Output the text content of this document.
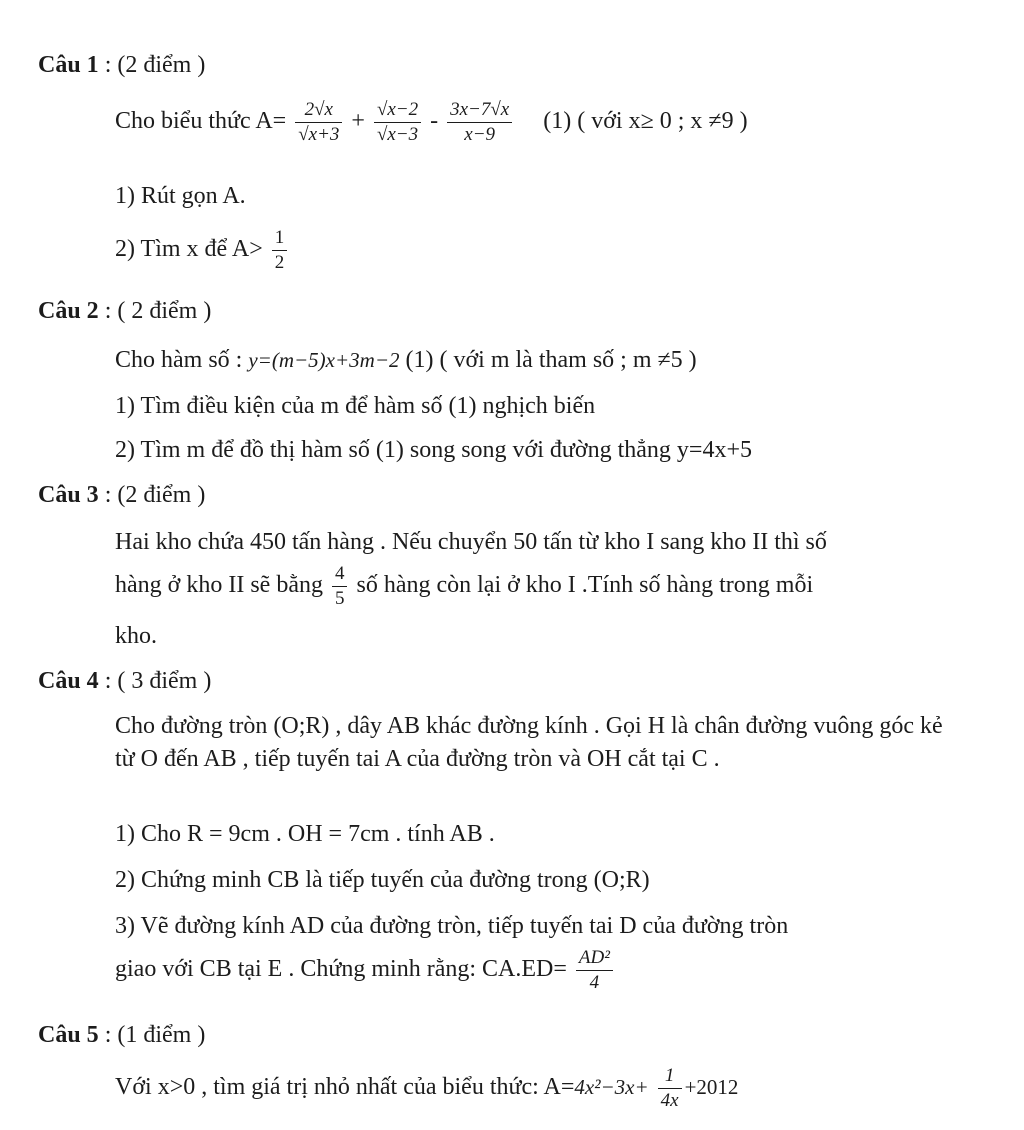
Câu 1 : (2 điểm )
Cho biểu thức $A= \frac{2√x}{√x+3} + \frac{√x-2}{√x-3} - \frac{3x-7√x}{x-9} (1)$ ( với x≥ 0 ; x ≠9 )
1) Rút gọn A.
2) Tìm x để $A> \frac{1}{2}$
Câu 2 : ( 2 điểm )
Cho hàm số : y=(m−5)x+3m−2 (1) ( với m là tham số ; m ≠5 )
1) Tìm điều kiện của m để hàm số (1) nghịch biến
2) Tìm m để đồ thị hàm số (1) song song với đường thẳng y=4x+5
Câu 3 : (2 điểm )
Hai kho chứa 450 tấn hàng . Nếu chuyển 50 tấn từ kho I sang kho II thì số
hàng ở kho II sẽ bằng $\frac{4}{5}$ số hàng còn lại ở kho I .Tính số hàng trong mỗi
kho.
Câu 4 : ( 3 điểm )
Cho đường tròn (O;R) , dây AB khác đường kính . Gọi H là chân đường vuông góc kẻ từ O đến AB , tiếp tuyến tai A của đường tròn và OH cắt tại C .
1) Cho R = 9cm . OH = 7cm . tính AB .
2) Chứng minh CB là tiếp tuyến của đường trong (O;R)
3) Vẽ đường kính AD của đường tròn, tiếp tuyến tai D của đường tròn
giao với CB tại E . Chứng minh rằng: $CA.ED= \frac{\text{AD²}}{4}$
Câu 5 : (1 điểm )
Với x>0 , tìm giá trị nhỏ nhất của biểu thức: $A=4x^2-3x+ \frac{1}{4x} +2012$
